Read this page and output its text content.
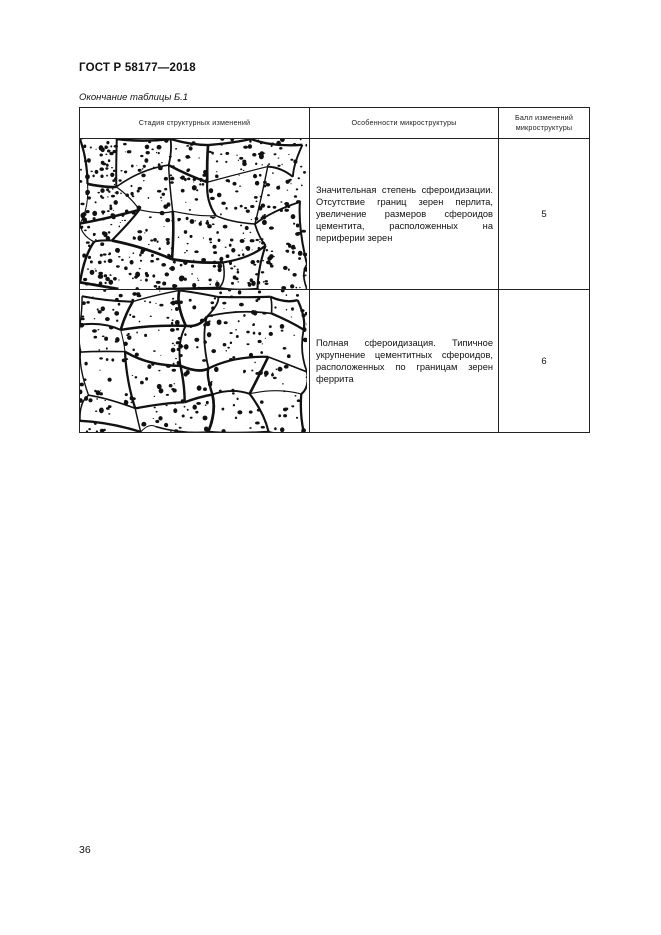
ГОСТ Р 58177—2018
Окончание таблицы Б.1
Стадия структурных изменений	Особенности микроструктуры	Балл изменений микроструктуры

	Значительная степень сфероидизации. Отсутствие границ зерен перлита, увеличение размеров сфероидов цементита, расположенных на периферии зерен	5

	Полная сфероидизация. Типичное укрупнение цементитных сфероидов, расположенных по границам зерен феррита	6
36
